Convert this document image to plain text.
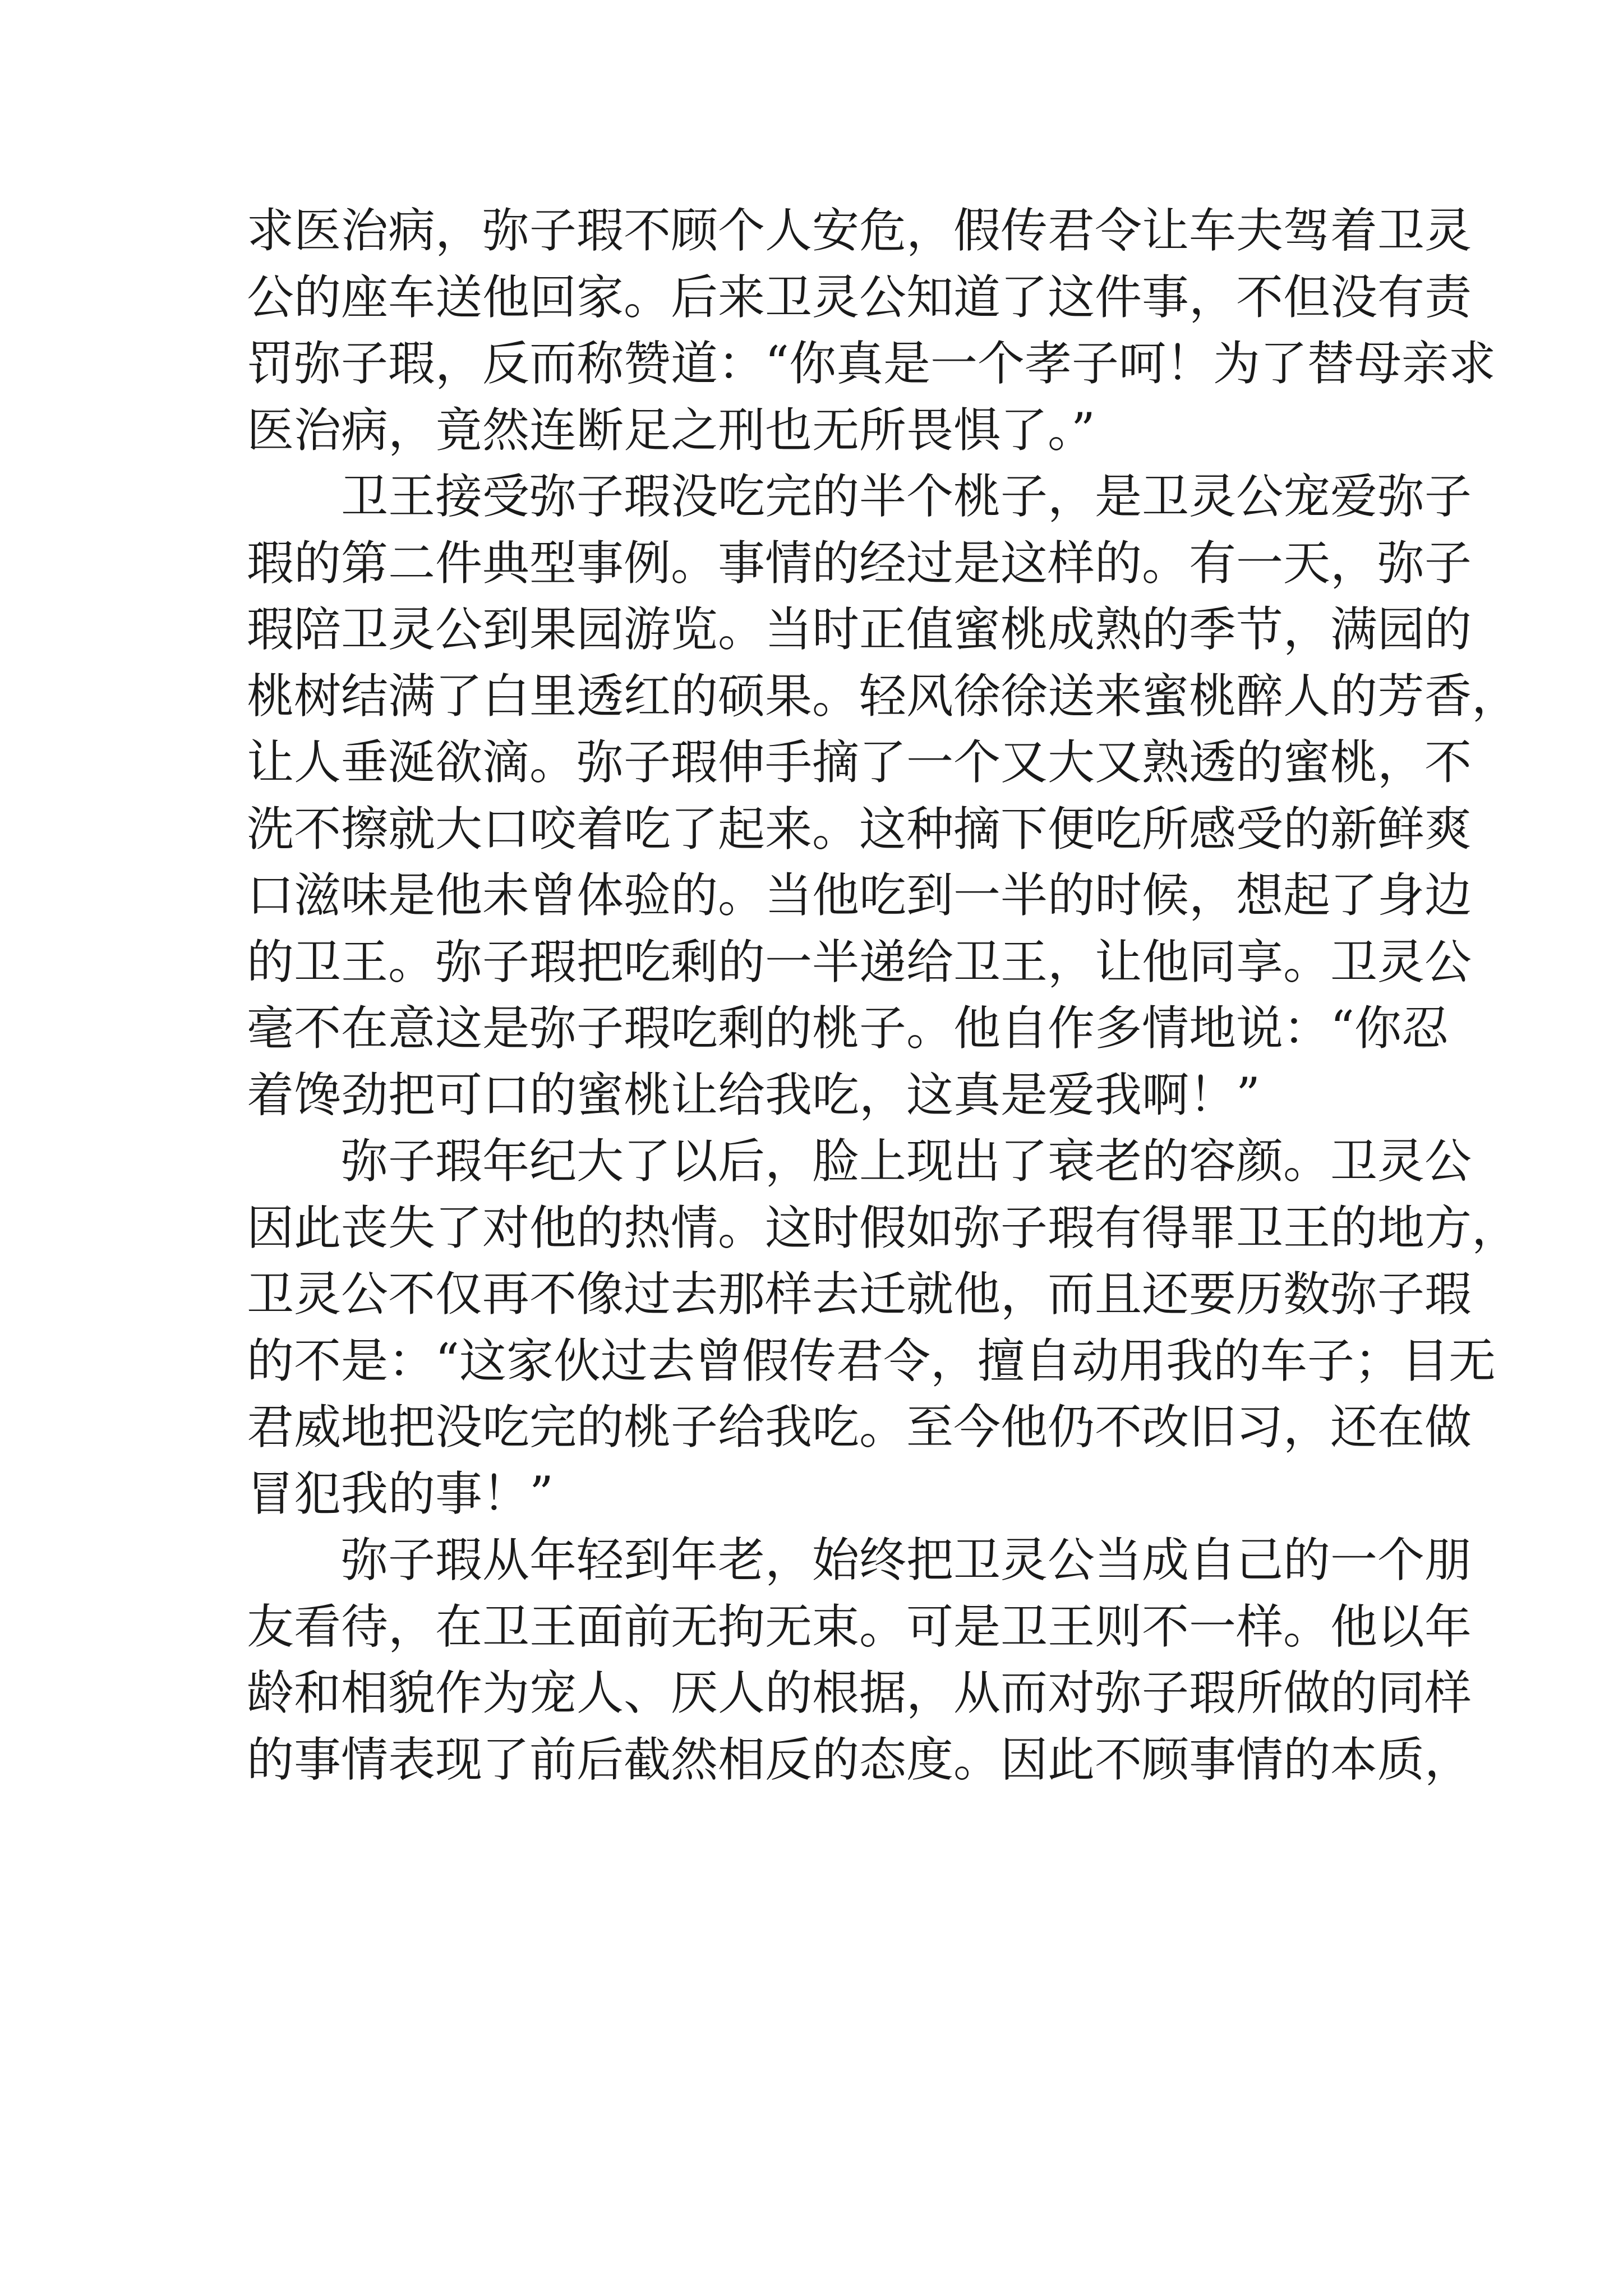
求医治病，弥子瑕不顾个人安危，假传君令让车夫驾着卫灵
公的座车送他回家。后来卫灵公知道了这件事，不但没有责
罚弥子瑕，反而称赞道：“你真是一个孝子呵！为了替母亲求
医治病，竟然连断足之刑也无所畏惧了。”
卫王接受弥子瑕没吃完的半个桃子，是卫灵公宠爱弥子
瑕的第二件典型事例。事情的经过是这样的。有一天，弥子
瑕陪卫灵公到果园游览。当时正值蜜桃成熟的季节，满园的
桃树结满了白里透红的硕果。轻风徐徐送来蜜桃醉人的芳香，
让人垂涎欲滴。弥子瑕伸手摘了一个又大又熟透的蜜桃，不
洗不擦就大口咬着吃了起来。这种摘下便吃所感受的新鲜爽
口滋味是他未曾体验的。当他吃到一半的时候，想起了身边
的卫王。弥子瑕把吃剩的一半递给卫王，让他同享。卫灵公
毫不在意这是弥子瑕吃剩的桃子。他自作多情地说：“你忍
着馋劲把可口的蜜桃让给我吃，这真是爱我啊！”
弥子瑕年纪大了以后，脸上现出了衰老的容颜。卫灵公
因此丧失了对他的热情。这时假如弥子瑕有得罪卫王的地方，
卫灵公不仅再不像过去那样去迁就他，而且还要历数弥子瑕
的不是：“这家伙过去曾假传君令，擅自动用我的车子；目无
君威地把没吃完的桃子给我吃。至今他仍不改旧习，还在做
冒犯我的事！”
弥子瑕从年轻到年老，始终把卫灵公当成自己的一个朋
友看待，在卫王面前无拘无束。可是卫王则不一样。他以年
龄和相貌作为宠人、厌人的根据，从而对弥子瑕所做的同样
的事情表现了前后截然相反的态度。因此不顾事情的本质，
